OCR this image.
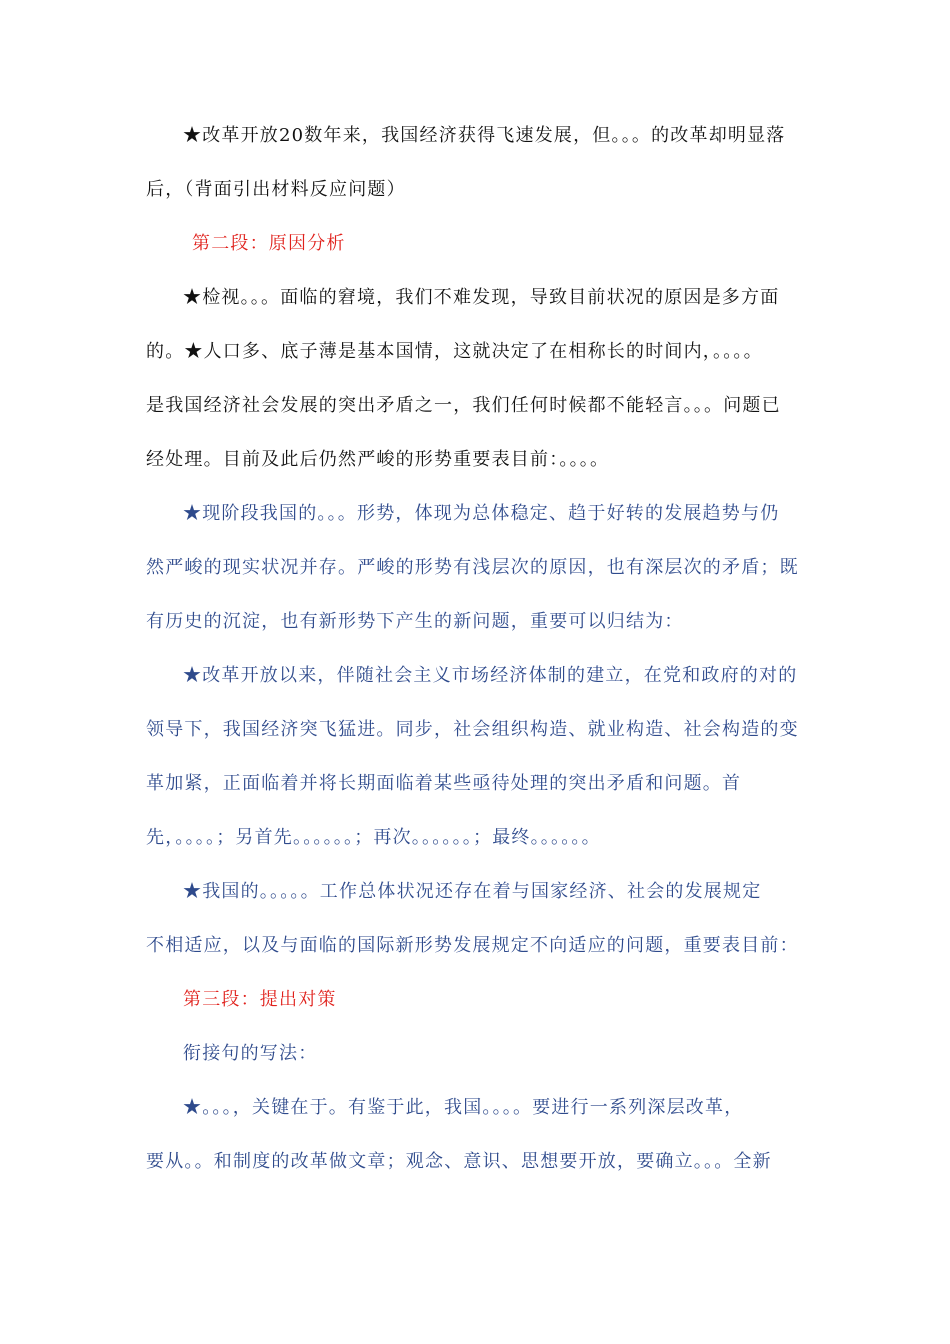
★改革开放20数年来，我国经济获得飞速发展，但。。。的改革却明显落
后，（背面引出材料反应问题）
第二段：原因分析
★检视。。。面临的窘境，我们不难发现，导致目前状况的原因是多方面
的。★人口多、底子薄是基本国情，这就决定了在相称长的时间内，。。。。
是我国经济社会发展的突出矛盾之一，我们任何时候都不能轻言。。。问题已
经处理。目前及此后仍然严峻的形势重要表目前：。。。。
★现阶段我国的。。。形势，体现为总体稳定、趋于好转的发展趋势与仍
然严峻的现实状况并存。严峻的形势有浅层次的原因，也有深层次的矛盾；既
有历史的沉淀，也有新形势下产生的新问题，重要可以归结为：
★改革开放以来，伴随社会主义市场经济体制的建立，在党和政府的对的
领导下，我国经济突飞猛进。同步，社会组织构造、就业构造、社会构造的变
革加紧，正面临着并将长期面临着某些亟待处理的突出矛盾和问题。首
先，。。。。；另首先。。。。。。；再次。。。。。。；最终。。。。。。
★我国的。。。。。工作总体状况还存在着与国家经济、社会的发展规定
不相适应，以及与面临的国际新形势发展规定不向适应的问题，重要表目前：
第三段：提出对策
衔接句的写法：
★。。。，关键在于。有鉴于此，我国。。。。要进行一系列深层改革，
要从。。和制度的改革做文章；观念、意识、思想要开放，要确立。。。全新
